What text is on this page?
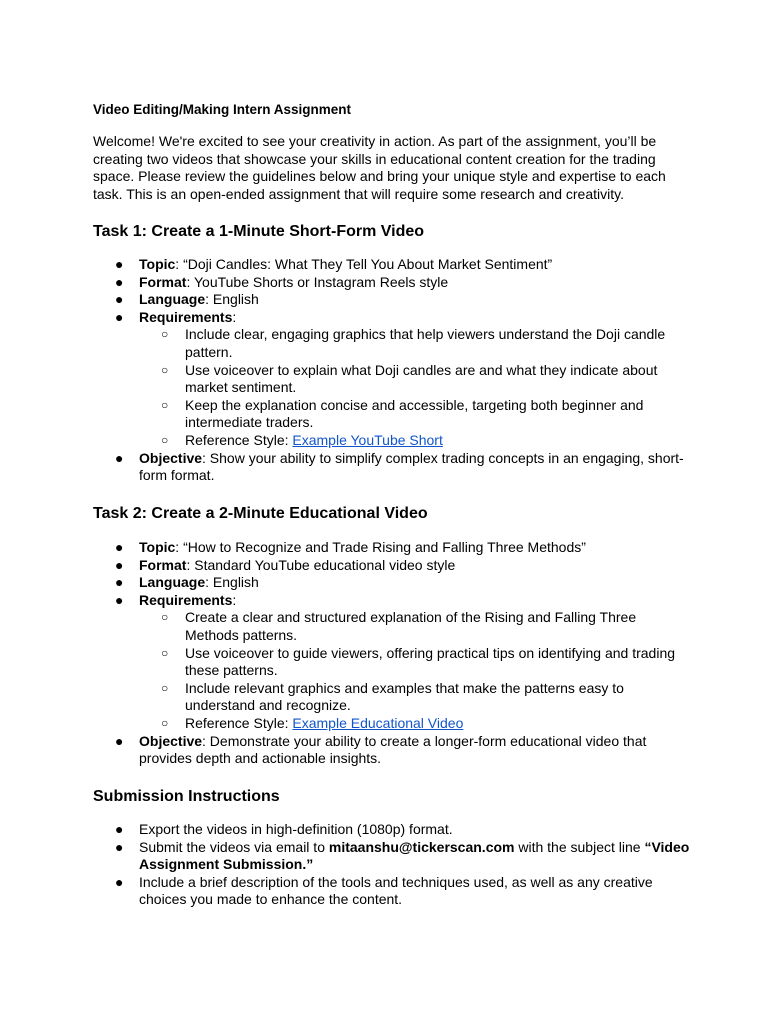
Video Editing/Making Intern Assignment
Welcome! We're excited to see your creativity in action. As part of the assignment, you’ll be creating two videos that showcase your skills in educational content creation for the trading space. Please review the guidelines below and bring your unique style and expertise to each task. This is an open-ended assignment that will require some research and creativity.
Task 1: Create a 1-Minute Short-Form Video
● Topic: “Doji Candles: What They Tell You About Market Sentiment”
● Format: YouTube Shorts or Instagram Reels style
● Language: English
● Requirements:
○ Include clear, engaging graphics that help viewers understand the Doji candle pattern.
○ Use voiceover to explain what Doji candles are and what they indicate about market sentiment.
○ Keep the explanation concise and accessible, targeting both beginner and intermediate traders.
○ Reference Style: Example YouTube Short
● Objective: Show your ability to simplify complex trading concepts in an engaging, short-form format.
Task 2: Create a 2-Minute Educational Video
● Topic: “How to Recognize and Trade Rising and Falling Three Methods”
● Format: Standard YouTube educational video style
● Language: English
● Requirements:
○ Create a clear and structured explanation of the Rising and Falling Three Methods patterns.
○ Use voiceover to guide viewers, offering practical tips on identifying and trading these patterns.
○ Include relevant graphics and examples that make the patterns easy to understand and recognize.
○ Reference Style: Example Educational Video
● Objective: Demonstrate your ability to create a longer-form educational video that provides depth and actionable insights.
Submission Instructions
● Export the videos in high-definition (1080p) format.
● Submit the videos via email to mitaanshu@tickerscan.com with the subject line “Video Assignment Submission.”
● Include a brief description of the tools and techniques used, as well as any creative choices you made to enhance the content.
